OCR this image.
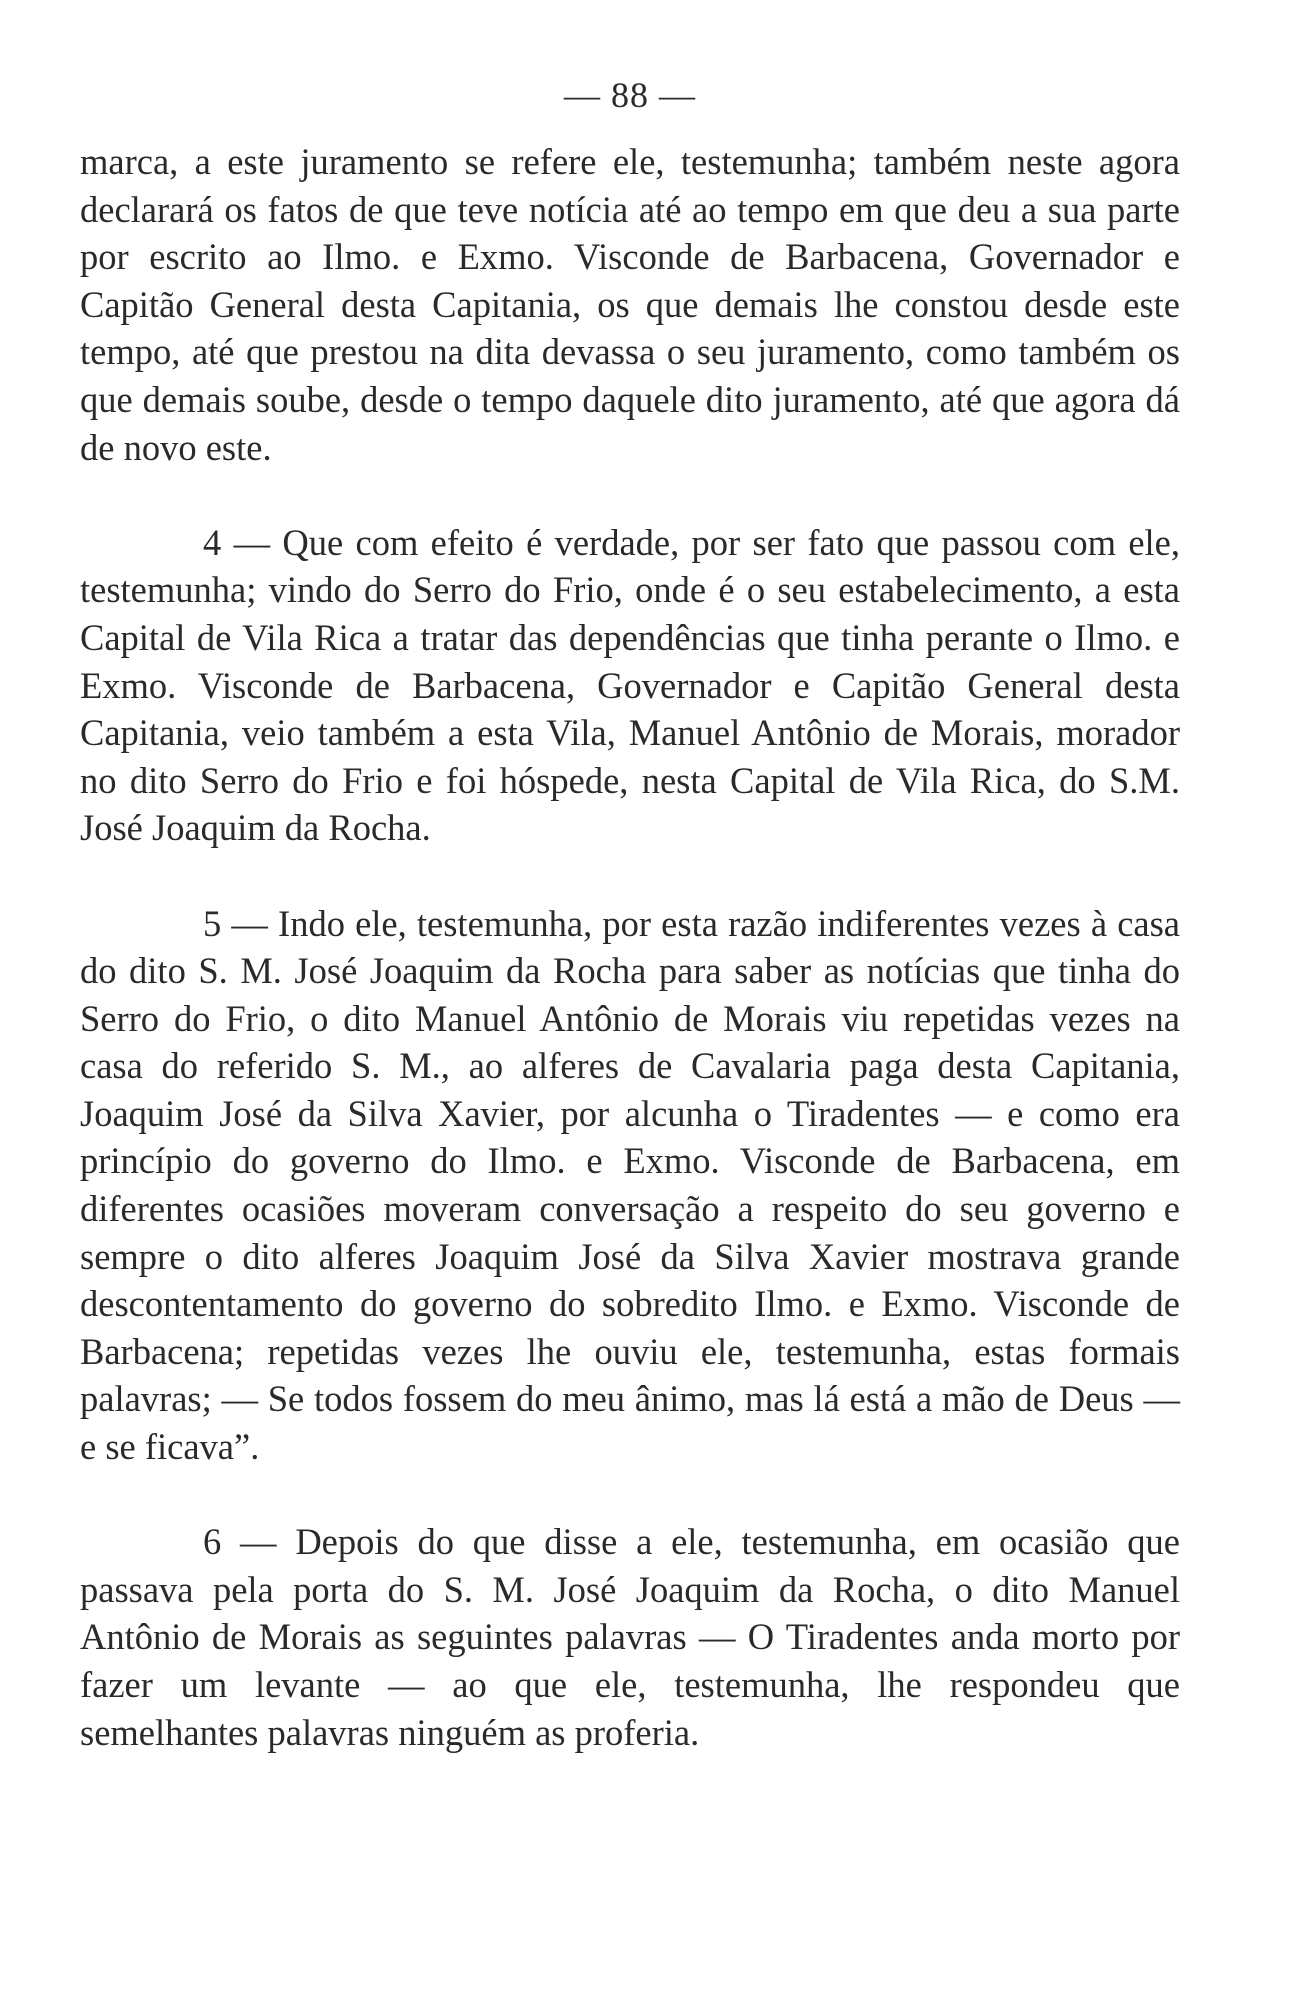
— 88 —

marca, a este juramento se refere ele, testemunha; também neste agora declarará os fatos de que teve notícia até ao tempo em que deu a sua parte por escrito ao Ilmo. e Exmo. Visconde de Barbacena, Governador e Capitão General desta Capitania, os que demais lhe constou desde este tempo, até que prestou na dita devassa o seu juramento, como também os que demais soube, desde o tempo daquele dito juramento, até que agora dá de novo este.

4 — Que com efeito é verdade, por ser fato que passou com ele, testemunha; vindo do Serro do Frio, onde é o seu estabelecimento, a esta Capital de Vila Rica a tratar das dependências que tinha perante o Ilmo. e Exmo. Visconde de Barbacena, Governador e Capitão General desta Capitania, veio também a esta Vila, Manuel Antônio de Morais, morador no dito Serro do Frio e foi hóspede, nesta Capital de Vila Rica, do S.M. José Joaquim da Rocha.

5 — Indo ele, testemunha, por esta razão indiferentes vezes à casa do dito S. M. José Joaquim da Rocha para saber as notícias que tinha do Serro do Frio, o dito Manuel Antônio de Morais viu repetidas vezes na casa do referido S. M., ao alferes de Cavalaria paga desta Capitania, Joaquim José da Silva Xavier, por alcunha o Tiradentes — e como era princípio do governo do Ilmo. e Exmo. Visconde de Barbacena, em diferentes ocasiões moveram conversação a respeito do seu governo e sempre o dito alferes Joaquim José da Silva Xavier mostrava grande descontentamento do governo do sobredito Ilmo. e Exmo. Visconde de Barbacena; repetidas vezes lhe ouviu ele, testemunha, estas formais palavras; — Se todos fossem do meu ânimo, mas lá está a mão de Deus — e se ficava”.

6 — Depois do que disse a ele, testemunha, em ocasião que passava pela porta do S. M. José Joaquim da Rocha, o dito Manuel Antônio de Morais as seguintes palavras — O Tiradentes anda morto por fazer um levante — ao que ele, testemunha, lhe respondeu que semelhantes palavras ninguém as proferia.
